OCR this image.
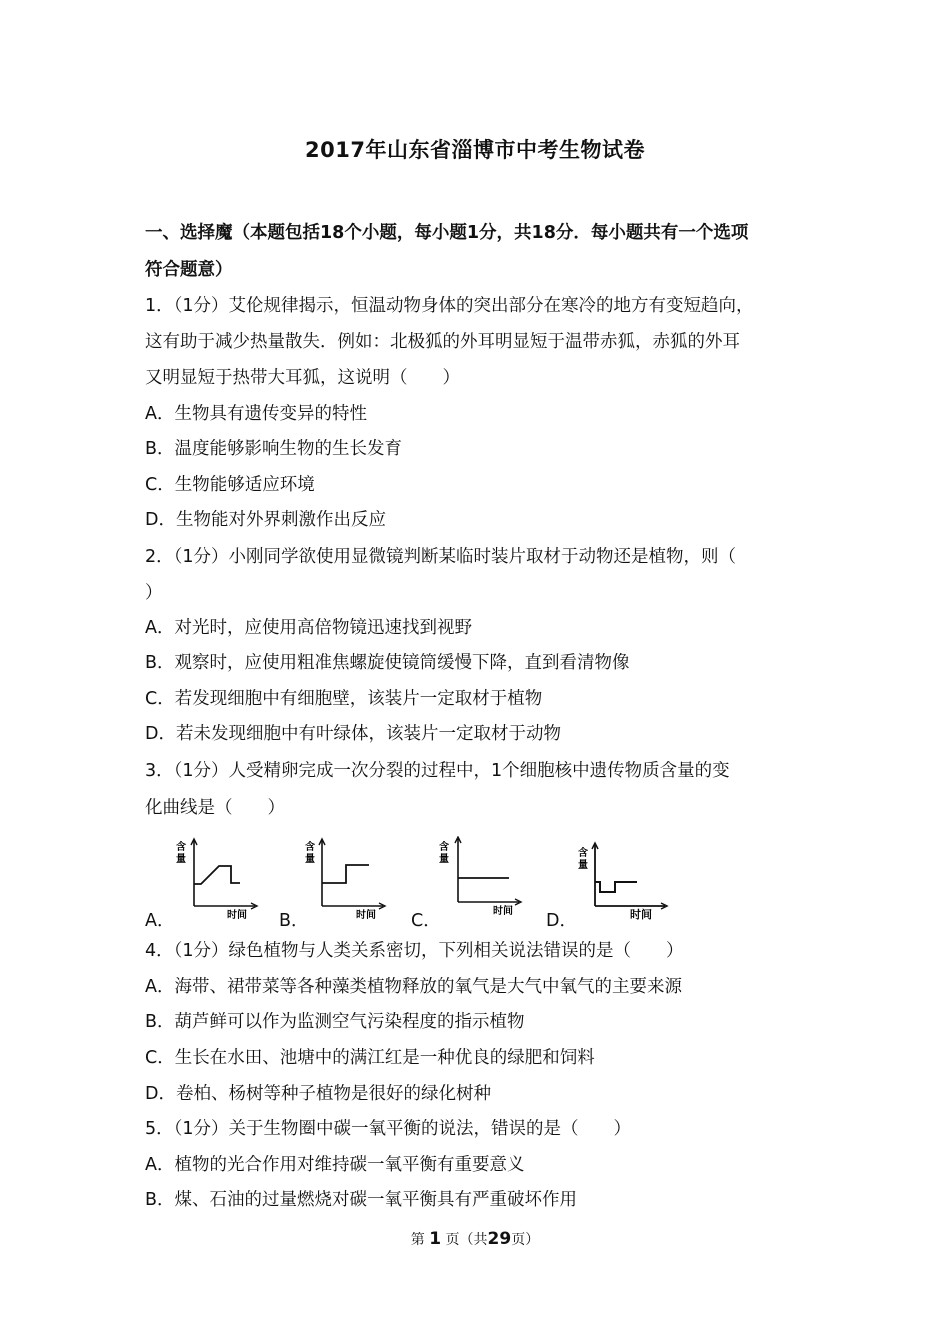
2017年山东省淄博市中考生物试卷
一、选择魔（本题包括18个小题，每小题1分，共18分．每小题共有一个选项
符合题意）
1．（1分）艾伦规律揭示，恒温动物身体的突出部分在寒冷的地方有变短趋向，
这有助于减少热量散失．例如：北极狐的外耳明显短于温带赤狐，赤狐的外耳
又明显短于热带大耳狐，这说明（　　）
A．生物具有遗传变异的特性
B．温度能够影响生物的生长发育
C．生物能够适应环境
D．生物能对外界刺激作出反应
2．（1分）小刚同学欲使用显微镜判断某临时装片取材于动物还是植物，则（
）
A．对光时，应使用高倍物镜迅速找到视野
B．观察时，应使用粗准焦螺旋使镜筒缓慢下降，直到看清物像
C．若发现细胞中有细胞壁，该装片一定取材于植物
D．若未发现细胞中有叶绿体，该装片一定取材于动物
3．（1分）人受精卵完成一次分裂的过程中，1个细胞核中遗传物质含量的变
化曲线是（　　）
A．
含
量
时间 B．
含
量
时间 C．
含
量
时间 D．
含
量
时间
4．（1分）绿色植物与人类关系密切，下列相关说法错误的是（　　）
A．海带、裙带菜等各种藻类植物释放的氧气是大气中氧气的主要来源
B．葫芦鲜可以作为监测空气污染程度的指示植物
C．生长在水田、池塘中的满江红是一种优良的绿肥和饲料
D．卷柏、杨树等种子植物是很好的绿化树种
5．（1分）关于生物圈中碳一氧平衡的说法，错误的是（　　）
A．植物的光合作用对维持碳一氧平衡有重要意义
B．煤、石油的过量燃烧对碳一氧平衡具有严重破坏作用
第 1 页（共29页）
